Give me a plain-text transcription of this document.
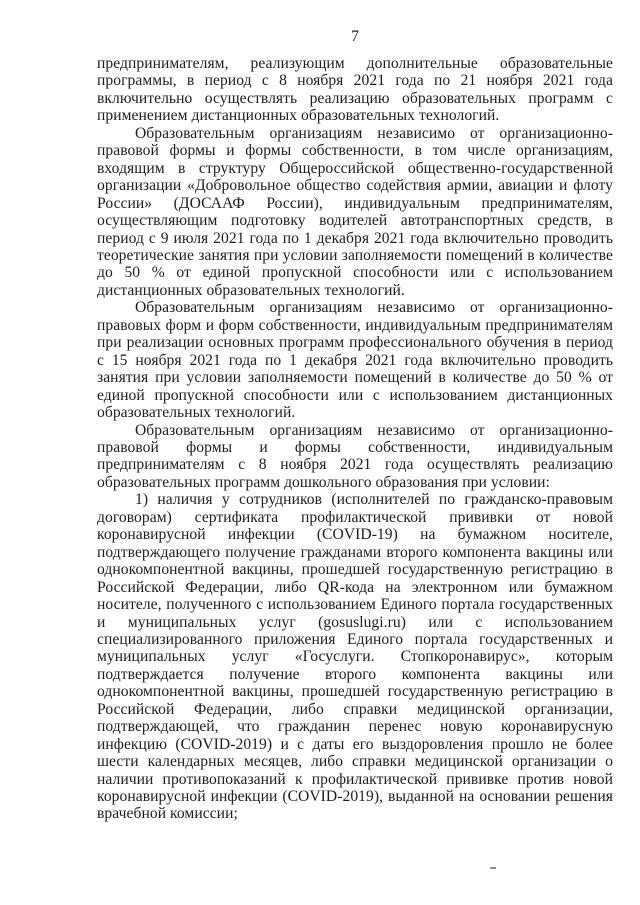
7

предпринимателям, реализующим дополнительные образовательные программы, в период с 8 ноября 2021 года по 21 ноября 2021 года включительно осуществлять реализацию образовательных программ с применением дистанционных образовательных технологий.

Образовательным организациям независимо от организационно-правовой формы и формы собственности, в том числе организациям, входящим в структуру Общероссийской общественно-государственной организации «Добровольное общество содействия армии, авиации и флоту России» (ДОСААФ России), индивидуальным предпринимателям, осуществляющим подготовку водителей автотранспортных средств, в период с 9 июля 2021 года по 1 декабря 2021 года включительно проводить теоретические занятия при условии заполняемости помещений в количестве до 50 % от единой пропускной способности или с использованием дистанционных образовательных технологий.

Образовательным организациям независимо от организационно-правовых форм и форм собственности, индивидуальным предпринимателям при реализации основных программ профессионального обучения в период с 15 ноября 2021 года по 1 декабря 2021 года включительно проводить занятия при условии заполняемости помещений в количестве до 50 % от единой пропускной способности или с использованием дистанционных образовательных технологий.

Образовательным организациям независимо от организационно-правовой формы и формы собственности, индивидуальным предпринимателям с 8 ноября 2021 года осуществлять реализацию образовательных программ дошкольного образования при условии:

1) наличия у сотрудников (исполнителей по гражданско-правовым договорам) сертификата профилактической прививки от новой коронавирусной инфекции (COVID-19) на бумажном носителе, подтверждающего получение гражданами второго компонента вакцины или однокомпонентной вакцины, прошедшей государственную регистрацию в Российской Федерации, либо QR-кода на электронном или бумажном носителе, полученного с использованием Единого портала государственных и муниципальных услуг (gosuslugi.ru) или с использованием специализированного приложения Единого портала государственных и муниципальных услуг «Госуслуги. Стопкоронавирус», которым подтверждается получение второго компонента вакцины или однокомпонентной вакцины, прошедшей государственную регистрацию в Российской Федерации, либо справки медицинской организации, подтверждающей, что гражданин перенес новую коронавирусную инфекцию (COVID-2019) и с даты его выздоровления прошло не более шести календарных месяцев, либо справки медицинской организации о наличии противопоказаний к профилактической прививке против новой коронавирусной инфекции (COVID-2019), выданной на основании решения врачебной комиссии;
